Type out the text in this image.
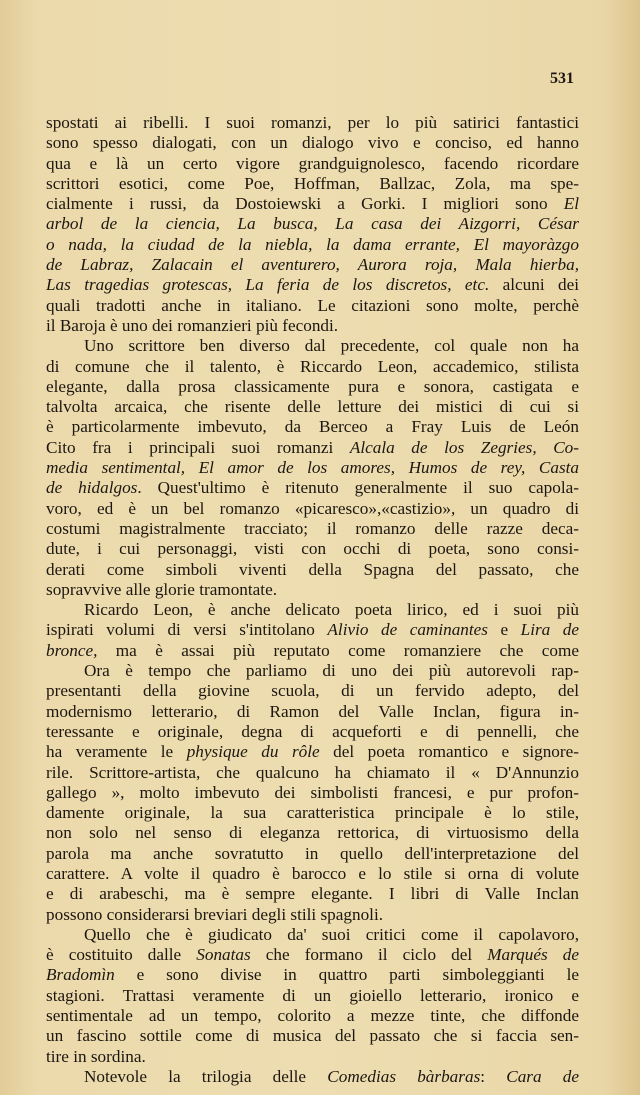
531
spostati ai ribelli. I suoi romanzi, per lo più satirici fantastici
sono spesso dialogati, con un dialogo vivo e conciso, ed hanno
qua e là un certo vigore grandguignolesco, facendo ricordare
scrittori esotici, come Poe, Hoffman, Ballzac, Zola, ma spe-
cialmente i russi, da Dostoiewski a Gorki. I migliori sono El
arbol de la ciencia, La busca, La casa dei Aizgorri, César
o nada, la ciudad de la niebla, la dama errante, El mayoràzgo
de Labraz, Zalacain el aventurero, Aurora roja, Mala hierba,
Las tragedias grotescas, La feria de los discretos, etc. alcuni dei
quali tradotti anche in italiano. Le citazioni sono molte, perchè
il Baroja è uno dei romanzieri più fecondi.
Uno scrittore ben diverso dal precedente, col quale non ha
di comune che il talento, è Riccardo Leon, accademico, stilista
elegante, dalla prosa classicamente pura e sonora, castigata e
talvolta arcaica, che risente delle letture dei mistici di cui si
è particolarmente imbevuto, da Berceo a Fray Luis de León
Cito fra i principali suoi romanzi Alcala de los Zegries, Co-
media sentimental, El amor de los amores, Humos de rey, Casta
de hidalgos. Quest'ultimo è ritenuto generalmente il suo capola-
voro, ed è un bel romanzo «picaresco»,«castizio», un quadro di
costumi magistralmente tracciato; il romanzo delle razze deca-
dute, i cui personaggi, visti con occhi di poeta, sono consi-
derati come simboli viventi della Spagna del passato, che
sopravvive alle glorie tramontate.
Ricardo Leon, è anche delicato poeta lirico, ed i suoi più
ispirati volumi di versi s'intitolano Alivio de caminantes e Lira de
bronce, ma è assai più reputato come romanziere che come
Ora è tempo che parliamo di uno dei più autorevoli rap-
presentanti della giovine scuola, di un fervido adepto, del
modernismo letterario, di Ramon del Valle Inclan, figura in-
teressante e originale, degna di acqueforti e di pennelli, che
ha veramente le physique du rôle del poeta romantico e signore-
rile. Scrittore-artista, che qualcuno ha chiamato il « D'Annunzio
gallego », molto imbevuto dei simbolisti francesi, e pur profon-
damente originale, la sua caratteristica principale è lo stile,
non solo nel senso di eleganza rettorica, di virtuosismo della
parola ma anche sovratutto in quello dell'interpretazione del
carattere. A volte il quadro è barocco e lo stile si orna di volute
e di arabeschi, ma è sempre elegante. I libri di Valle Inclan
possono considerarsi breviari degli stili spagnoli.
Quello che è giudicato da' suoi critici come il capolavoro,
è costituito dalle Sonatas che formano il ciclo del Marqués de
Bradomìn e sono divise in quattro parti simboleggianti le
stagioni. Trattasi veramente di un gioiello letterario, ironico e
sentimentale ad un tempo, colorito a mezze tinte, che diffonde
un fascino sottile come di musica del passato che si faccia sen-
tire in sordina.
Notevole la trilogia delle Comedias bàrbaras: Cara de
